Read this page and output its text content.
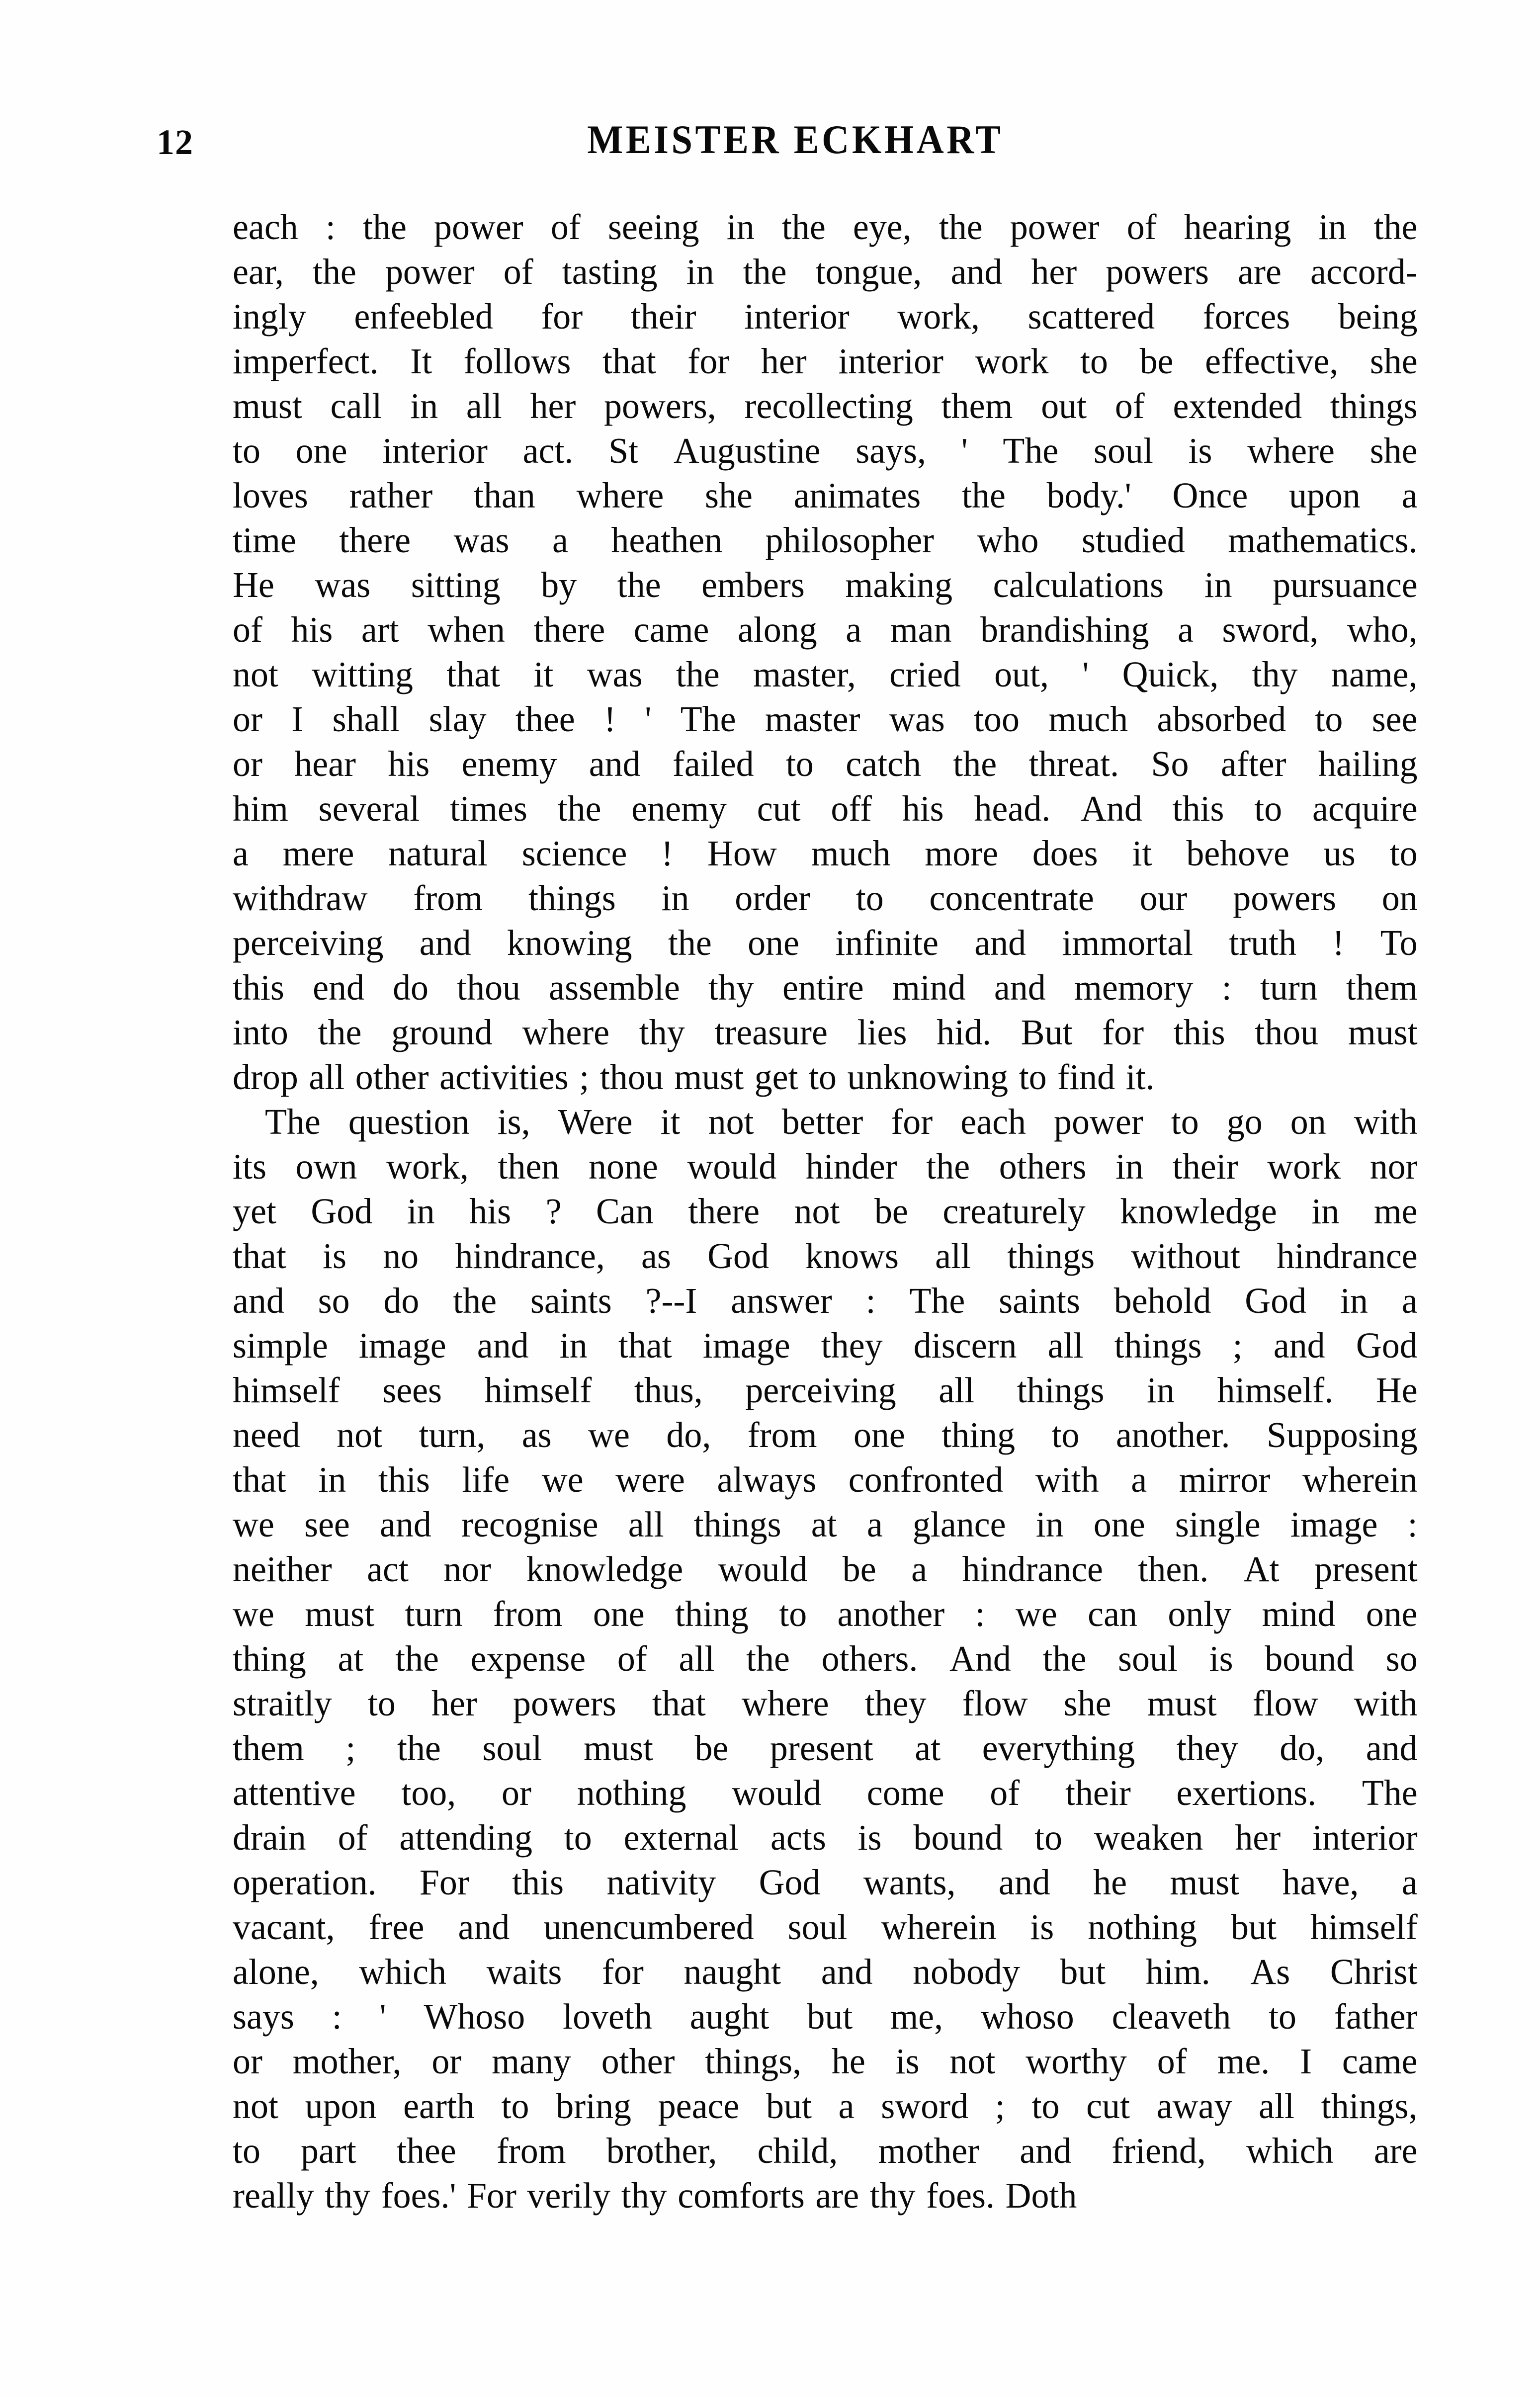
12	MEISTER ECKHART
each : the power of seeing in the eye, the power of hearing in the
ear, the power of tasting in the tongue, and her powers are accord-
ingly enfeebled for their interior work, scattered forces being
imperfect. It follows that for her interior work to be effective, she
must call in all her powers, recollecting them out of extended things
to one interior act. St Augustine says, ' The soul is where she
loves rather than where she animates the body.' Once upon a
time there was a heathen philosopher who studied mathematics.
He was sitting by the embers making calculations in pursuance
of his art when there came along a man brandishing a sword, who,
not witting that it was the master, cried out, ' Quick, thy name,
or I shall slay thee ! ' The master was too much absorbed to see
or hear his enemy and failed to catch the threat. So after hailing
him several times the enemy cut off his head. And this to acquire
a mere natural science ! How much more does it behove us to
withdraw from things in order to concentrate our powers on
perceiving and knowing the one infinite and immortal truth ! To
this end do thou assemble thy entire mind and memory : turn them
into the ground where thy treasure lies hid. But for this thou must
drop all other activities ; thou must get to unknowing to find it.
The question is, Were it not better for each power to go on with
its own work, then none would hinder the others in their work nor
yet God in his ? Can there not be creaturely knowledge in me
that is no hindrance, as God knows all things without hindrance
and so do the saints ?--I answer : The saints behold God in a
simple image and in that image they discern all things ; and God
himself sees himself thus, perceiving all things in himself. He
need not turn, as we do, from one thing to another. Supposing
that in this life we were always confronted with a mirror wherein
we see and recognise all things at a glance in one single image :
neither act nor knowledge would be a hindrance then. At present
we must turn from one thing to another : we can only mind one
thing at the expense of all the others. And the soul is bound so
straitly to her powers that where they flow she must flow with
them ; the soul must be present at everything they do, and
attentive too, or nothing would come of their exertions. The
drain of attending to external acts is bound to weaken her interior
operation. For this nativity God wants, and he must have, a
vacant, free and unencumbered soul wherein is nothing but himself
alone, which waits for naught and nobody but him. As Christ
says : ' Whoso loveth aught but me, whoso cleaveth to father
or mother, or many other things, he is not worthy of me. I came
not upon earth to bring peace but a sword ; to cut away all things,
to part thee from brother, child, mother and friend, which are
really thy foes.' For verily thy comforts are thy foes. Doth
